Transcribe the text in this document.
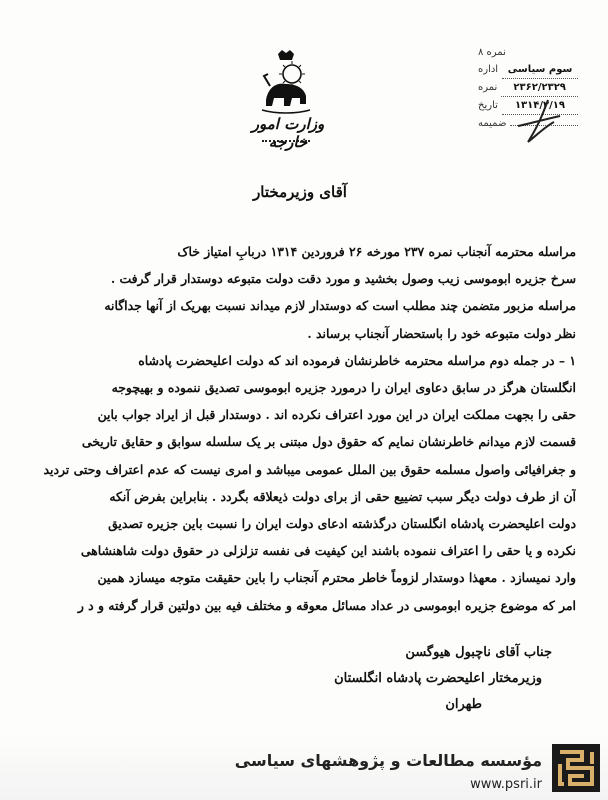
نمره ۸
اداره سوم سیاسی
نمره	۲۳۶۲/۲۳۲۹
تاریخ	۱۳۱۴/۲/۱۹
ضمیمه
وزارت امور خارجه
آقای وزیرمختار
مراسله محترمه آنجناب نمره ۲۳۷ مورخه ۲۶ فروردین ۱۳۱۴ دربابِ امتیاز خاک
سرخ جزیره ابوموسی زیب وصول بخشید و مورد دقت دولت متبوعه دوستدار قرار گرفت .
مراسله مزبور متضمن چند مطلب است که دوستدار لازم میداند نسبت بهریک از آنها جداگانه
نظر دولت متبوعه خود را باستحضار آنجناب برساند .
۱ – در جمله دوم مراسله محترمه خاطرنشان فرموده اند که دولت اعلیحضرت پادشاه
انگلستان هرگز در سابق دعاوی ایران را درمورد جزیره ابوموسی تصدیق ننموده و بهیچوجه
حقی را بجهت مملکت ایران در این مورد اعتراف نکرده اند . دوستدار قبل از ایراد جواب باین
قسمت لازم میدانم خاطرنشان نمایم که حقوق دول مبتنی بر یک سلسله سوابق و حقایق تاریخی
و جغرافیائی واصول مسلمه حقوق بین الملل عمومی میباشد و امری نیست که عدم اعتراف وحتی تردید
آن از طرف دولت دیگر سبب تضییع حقی از برای دولت ذیعلاقه بگردد . بنابراین بفرض آنکه
دولت اعلیحضرت پادشاه انگلستان درگذشته ادعای دولت ایران را نسبت باین جزیره تصدیق
نکرده و یا حقی را اعتراف ننموده باشند این کیفیت فی نفسه تزلزلی در حقوق دولت شاهنشاهی
وارد نمیسازد . معهذا دوستدار لزوماً خاطر محترم آنجناب را باین حقیقت متوجه میسازد همین
امر که موضوع جزیره ابوموسی در عداد مسائل معوقه و مختلف فیه بین دولتین قرار گرفته و د ر
جناب آقای ناچبول هیوگسن
وزیرمختار اعلیحضرت پادشاه انگلستان
طهران
مؤسسه مطالعات و پژوهشهای سیاسی
www.psri.ir
